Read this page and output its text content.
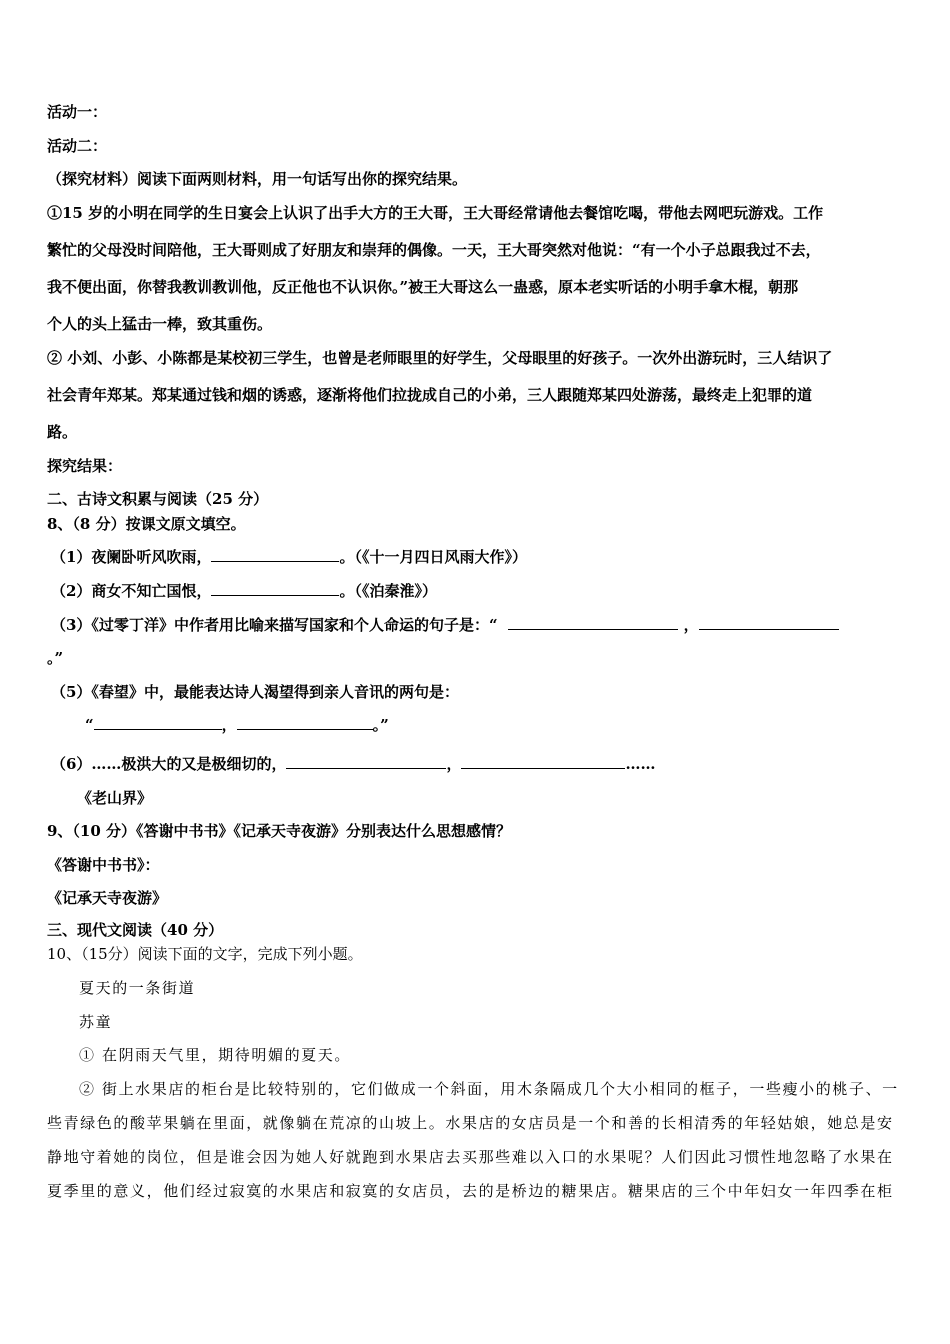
活动一：
活动二：
（探究材料）阅读下面两则材料，用一句话写出你的探究结果。
①15 岁的小明在同学的生日宴会上认识了出手大方的王大哥，王大哥经常请他去餐馆吃喝，带他去网吧玩游戏。工作
繁忙的父母没时间陪他，王大哥则成了好朋友和崇拜的偶像。一天，王大哥突然对他说：“有一个小子总跟我过不去，
我不便出面，你替我教训教训他，反正他也不认识你。”被王大哥这么一蛊惑，原本老实听话的小明手拿木棍，朝那
个人的头上猛击一棒，致其重伤。
② 小刘、小彭、小陈都是某校初三学生，也曾是老师眼里的好学生，父母眼里的好孩子。一次外出游玩时，三人结识了
社会青年郑某。郑某通过钱和烟的诱惑，逐渐将他们拉拢成自己的小弟，三人跟随郑某四处游荡，最终走上犯罪的道
路。
探究结果：
二、古诗文积累与阅读（25 分）
8、（8 分）按课文原文填空。
（1）夜阑卧听风吹雨，	。（《十一月四日风雨大作》）
（2）商女不知亡国恨，	。（《泊秦淮》）
（3）《过零丁洋》中作者用比喻来描写国家和个人命运的句子是：“	，
。”
（5）《春望》中，最能表达诗人渴望得到亲人音讯的两句是：
“	，	。”
（6）……极洪大的又是极细切的，	，	……
《老山界》
9、（10 分）《答谢中书书》《记承天寺夜游》分别表达什么思想感情？
《答谢中书书》：
《记承天寺夜游》
三、现代文阅读（40 分）
10、（15分）阅读下面的文字，完成下列小题。
夏天的一条街道
苏童
① 在阴雨天气里，期待明媚的夏天。
② 街上水果店的柜台是比较特别的，它们做成一个斜面，用木条隔成几个大小相同的框子，一些瘦小的桃子、一
些青绿色的酸苹果躺在里面，就像躺在荒凉的山坡上。水果店的女店员是一个和善的长相清秀的年轻姑娘，她总是安
静地守着她的岗位，但是谁会因为她人好就跑到水果店去买那些难以入口的水果呢？人们因此习惯性地忽略了水果在
夏季里的意义，他们经过寂寞的水果店和寂寞的女店员，去的是桥边的糖果店。糖果店的三个中年妇女一年四季在柜
